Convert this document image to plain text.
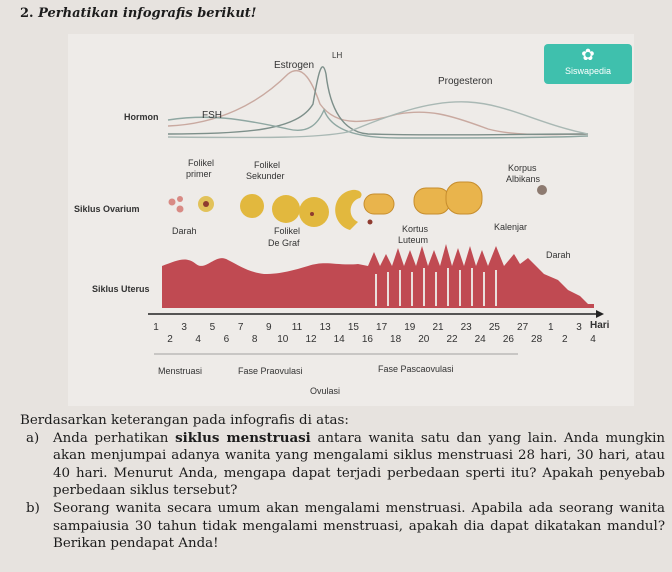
2. Perhatikan infografis berikut!
Estrogen
LH
FSH
Progesteron
Hormon
Siklus Ovarium
Folikel
primer
Folikel
Sekunder
Korpus
Albikans
Darah	Folikel
De Graf
Kortus
Luteum
Kalenjar
Darah
Siklus Uterus
Hari
1 3 5 7 9 11 13 15 17 19 21 23 25 27 1 3
2 4 6 8 10 12 14 16 18 20 22 24 26 28 2 4
Menstruasi	Fase Praovulasi	Fase Pascaovulasi
Ovulasi
✿
Siswapedia

Berdasarkan keterangan pada infografis di atas:

a)	Anda perhatikan siklus menstruasi antara wanita satu dan yang lain. Anda mungkin akan menjumpai adanya wanita yang mengalami siklus menstruasi 28 hari, 30 hari, atau 40 hari. Menurut Anda, mengapa dapat terjadi perbedaan sperti itu? Apakah penyebab perbedaan siklus tersebut?
b) Seorang wanita secara umum akan mengalami menstruasi. Apabila ada seorang wanita sampaiusia 30 tahun tidak mengalami menstruasi, apakah dia dapat dikatakan mandul? Berikan pendapat Anda!
